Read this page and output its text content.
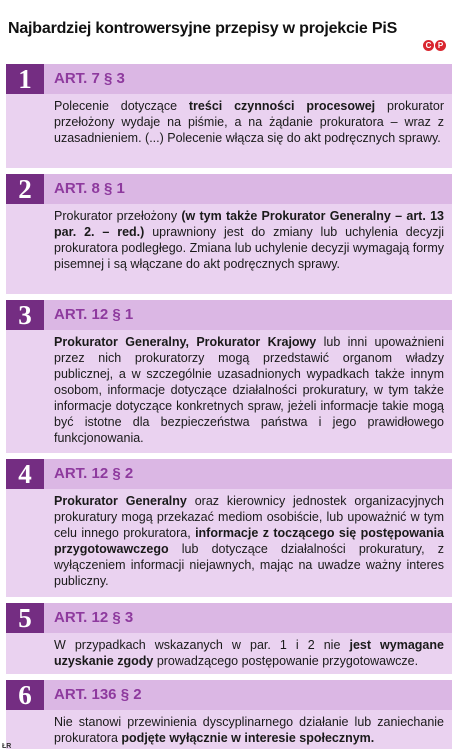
Najbardziej kontrowersyjne przepisy w projekcie PiS
C P
1	ART. 7 § 3
Polecenie dotyczące treści czynności procesowej prokurator przełożony wydaje na piśmie, a na żądanie prokuratora – wraz z uzasadnieniem. (...) Polecenie włącza się do akt podręcznych sprawy.
2	ART. 8 § 1
Prokurator przełożony (w tym także Prokurator Generalny – art. 13 par. 2. – red.) uprawniony jest do zmiany lub uchylenia decyzji prokuratora podległego. Zmiana lub uchylenie decyzji wymagają formy pisemnej i są włączane do akt podręcznych sprawy.
3	ART. 12 § 1
Prokurator Generalny, Prokurator Krajowy lub inni upoważnieni przez nich prokuratorzy mogą przedstawić organom władzy publicznej, a w szczególnie uzasadnionych wypadkach także innym osobom, informacje dotyczące działalności prokuratury, w tym także informacje dotyczące konkretnych spraw, jeżeli informacje takie mogą być istotne dla bezpieczeństwa państwa i jego prawidłowego funkcjonowania.
4	ART. 12 § 2
Prokurator Generalny oraz kierownicy jednostek organizacyjnych prokuratury mogą przekazać mediom osobiście, lub upoważnić w tym celu innego prokuratora, informacje z toczącego się postępowania przygotowawczego lub dotyczące działalności prokuratury, z wyłączeniem informacji niejawnych, mając na uwadze ważny interes publiczny.
5	ART. 12 § 3
W przypadkach wskazanych w par. 1 i 2 nie jest wymagane uzyskanie zgody prowadzącego postępowanie przygotowawcze.
6	ART. 136 § 2
Nie stanowi przewinienia dyscyplinarnego działanie lub zaniechanie prokuratora podjęte wyłącznie w interesie społecznym.
ŁR
